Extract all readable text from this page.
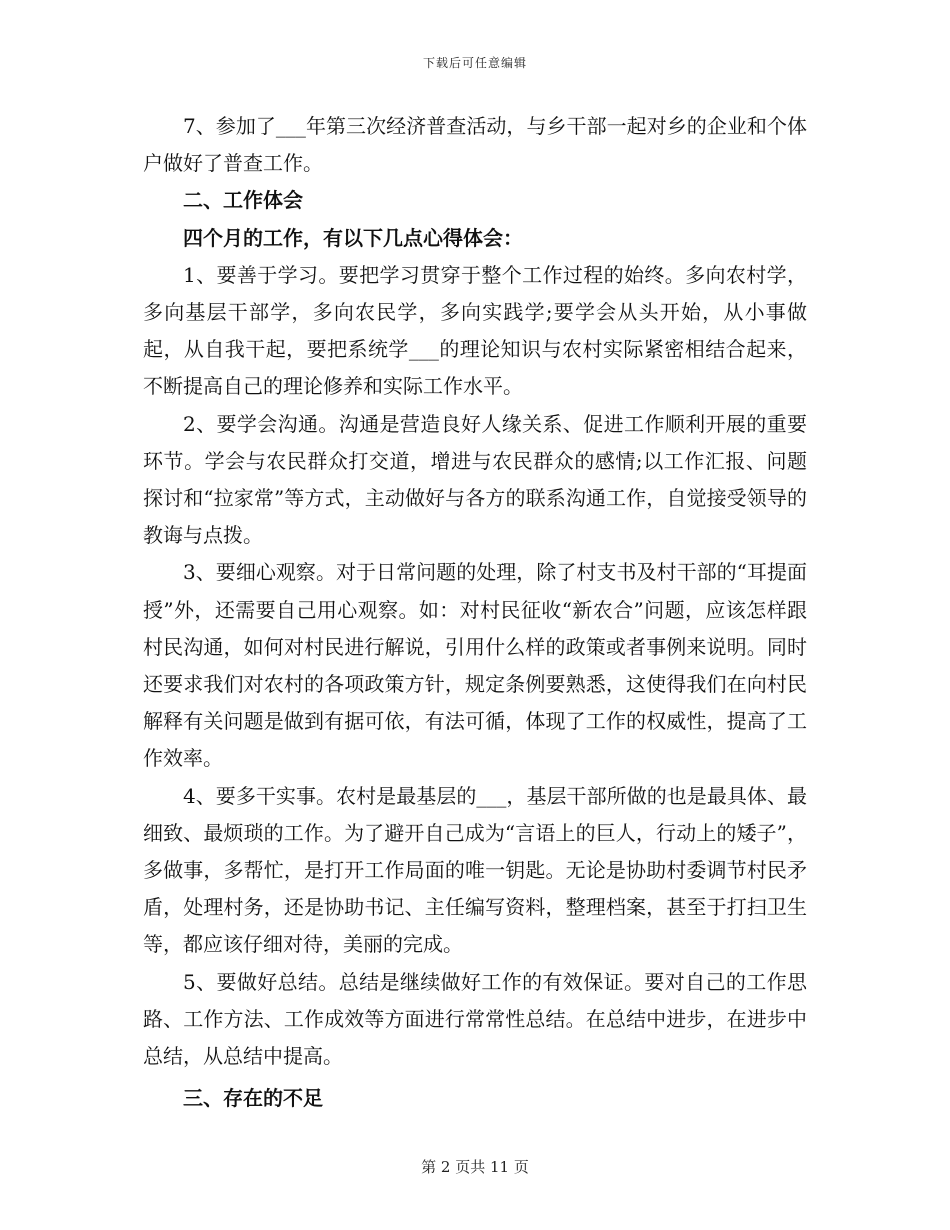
下载后可任意编辑

7、参加了___年第三次经济普查活动，与乡干部一起对乡的企业和个体户做好了普查工作。

二、工作体会

四个月的工作，有以下几点心得体会：

1、要善于学习。要把学习贯穿于整个工作过程的始终。多向农村学，多向基层干部学，多向农民学，多向实践学;要学会从头开始，从小事做起，从自我干起，要把系统学___的理论知识与农村实际紧密相结合起来，不断提高自己的理论修养和实际工作水平。

2、要学会沟通。沟通是营造良好人缘关系、促进工作顺利开展的重要环节。学会与农民群众打交道，增进与农民群众的感情;以工作汇报、问题探讨和“拉家常”等方式，主动做好与各方的联系沟通工作，自觉接受领导的教诲与点拨。

3、要细心观察。对于日常问题的处理，除了村支书及村干部的“耳提面授”外，还需要自己用心观察。如：对村民征收“新农合”问题，应该怎样跟村民沟通，如何对村民进行解说，引用什么样的政策或者事例来说明。同时还要求我们对农村的各项政策方针，规定条例要熟悉，这使得我们在向村民解释有关问题是做到有据可依，有法可循，体现了工作的权威性，提高了工作效率。

4、要多干实事。农村是最基层的___，基层干部所做的也是最具体、最细致、最烦琐的工作。为了避开自己成为“言语上的巨人，行动上的矮子”，多做事，多帮忙，是打开工作局面的唯一钥匙。无论是协助村委调节村民矛盾，处理村务，还是协助书记、主任编写资料，整理档案，甚至于打扫卫生等，都应该仔细对待，美丽的完成。

5、要做好总结。总结是继续做好工作的有效保证。要对自己的工作思路、工作方法、工作成效等方面进行常常性总结。在总结中进步，在进步中总结，从总结中提高。

三、存在的不足

第 2 页共 11 页
